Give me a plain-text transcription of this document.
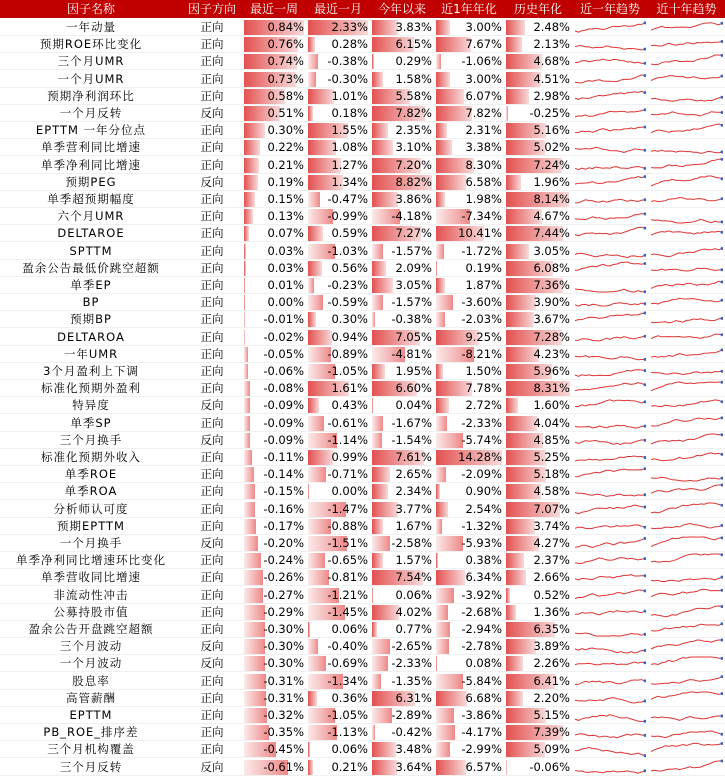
因子名称	因子方向	最近一周	最近一月	今年以来	近1年年化	历史年化	近一年趋势	近十年趋势
一年动量	正向	0.84%	2.33%	3.83%	3.00%	2.48%
预期ROE环比变化	正向	0.76%	0.28%	6.15%	7.67%	2.13%
三个月UMR	正向	0.74%	-0.38%	0.29%	-1.06%	4.68%
一个月UMR	正向	0.73%	-0.30%	1.58%	3.00%	4.51%
预期净利润环比	正向	0.58%	1.01%	5.58%	6.07%	2.98%
一个月反转	反向	0.51%	0.18%	7.82%	7.82%	-0.25%
EPTTM 一年分位点	正向	0.30%	1.55%	2.35%	2.31%	5.16%
单季营利同比增速	正向	0.22%	1.08%	3.10%	3.38%	5.02%
单季净利同比增速	正向	0.21%	1.27%	7.20%	8.30%	7.24%
预期PEG	反向	0.19%	1.34%	8.82%	6.58%	1.96%
单季超预期幅度	正向	0.15%	-0.47%	3.86%	1.98%	8.14%
六个月UMR	正向	0.13%	-0.99%	-4.18%	-7.34%	4.67%
DELTAROE	正向	0.07%	0.59%	7.27%	10.41%	7.44%
SPTTM	正向	0.03%	-1.03%	-1.57%	-1.72%	3.05%
盈余公告最低价跳空超额	正向	0.03%	0.56%	2.09%	0.19%	6.08%
单季EP	正向	0.01%	-0.23%	3.05%	1.87%	7.36%
BP	正向	0.00%	-0.59%	-1.57%	-3.60%	3.90%
预期BP	正向	-0.01%	0.30%	-0.38%	-2.03%	3.67%
DELTAROA	正向	-0.02%	0.94%	7.05%	9.25%	7.28%
一年UMR	正向	-0.05%	-0.89%	-4.81%	-8.21%	4.23%
3个月盈利上下调	正向	-0.06%	-1.05%	1.95%	1.50%	5.96%
标准化预期外盈利	正向	-0.08%	1.61%	6.60%	7.78%	8.31%
特异度	反向	-0.09%	0.43%	0.04%	2.72%	1.60%
单季SP	正向	-0.09%	-0.61%	-1.67%	-2.33%	4.04%
三个月换手	反向	-0.09%	-1.14%	-1.54%	-5.74%	4.85%
标准化预期外收入	正向	-0.11%	0.99%	7.61%	14.28%	5.25%
单季ROE	正向	-0.14%	-0.71%	2.65%	-2.09%	5.18%
单季ROA	正向	-0.15%	0.00%	2.34%	0.90%	4.58%
分析师认可度	正向	-0.16%	-1.47%	3.77%	2.54%	7.07%
预期EPTTM	正向	-0.17%	-0.88%	1.67%	-1.32%	3.74%
一个月换手	反向	-0.20%	-1.51%	-2.58%	-5.93%	4.27%
单季净利同比增速环比变化	正向	-0.24%	-0.65%	1.57%	0.38%	2.37%
单季营收同比增速	正向	-0.26%	-0.81%	7.54%	6.34%	2.66%
非流动性冲击	正向	-0.27%	-1.21%	0.06%	-3.92%	0.52%
公募持股市值	正向	-0.29%	-1.45%	4.02%	-2.68%	1.36%
盈余公告开盘跳空超额	正向	-0.30%	0.06%	0.77%	-2.94%	6.35%
三个月波动	反向	-0.30%	-0.40%	-2.65%	-2.78%	3.89%
一个月波动	反向	-0.30%	-0.69%	-2.33%	0.08%	2.26%
股息率	正向	-0.31%	-1.34%	-1.35%	-5.84%	6.41%
高管薪酬	正向	-0.31%	0.36%	6.31%	6.68%	2.20%
EPTTM	正向	-0.32%	-1.05%	-2.89%	-3.86%	5.15%
PB_ROE_排序差	正向	-0.35%	-1.13%	-0.42%	-4.17%	7.39%
三个月机构覆盖	正向	-0.45%	0.06%	3.48%	-2.99%	5.09%
三个月反转	反向	-0.61%	0.21%	3.64%	6.57%	-0.06%
